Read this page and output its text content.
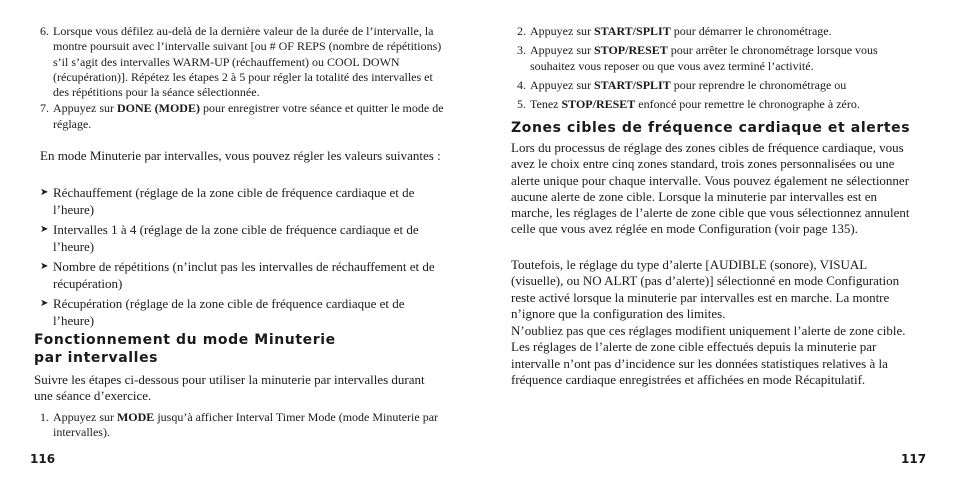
6. Lorsque vous défilez au-delà de la dernière valeur de la durée de l’intervalle, la montre poursuit avec l’intervalle suivant [ou # OF REPS (nombre de répétitions) s’il s’agit des intervalles WARM-UP (réchauffement) ou COOL DOWN (récupération)]. Répétez les étapes 2 à 5 pour régler la totalité des intervalles et des répétitions pour la séance sélectionnée.
7. Appuyez sur DONE (MODE) pour enregistrer votre séance et quitter le mode de réglage.

En mode Minuterie par intervalles, vous pouvez régler les valeurs suivantes :

➤ Réchauffement (réglage de la zone cible de fréquence cardiaque et de l’heure)
➤ Intervalles 1 à 4 (réglage de la zone cible de fréquence cardiaque et de l’heure)
➤ Nombre de répétitions (n’inclut pas les intervalles de réchauffement et de récupération)
➤ Récupération (réglage de la zone cible de fréquence cardiaque et de l’heure)
Fonctionnement du mode Minuterie
par intervalles

Suivre les étapes ci-dessous pour utiliser la minuterie par intervalles durant une séance d’exercice.

1. Appuyez sur MODE jusqu’à afficher Interval Timer Mode (mode Minuterie par intervalles).
116
2. Appuyez sur START/SPLIT pour démarrer le chronométrage.
3. Appuyez sur STOP/RESET pour arrêter le chronométrage lorsque vous souhaitez vous reposer ou que vous avez terminé l’activité.
4. Appuyez sur START/SPLIT pour reprendre le chronométrage ou
5. Tenez STOP/RESET enfoncé pour remettre le chronographe à zéro.
Zones cibles de fréquence cardiaque et alertes

Lors du processus de réglage des zones cibles de fréquence cardiaque, vous avez le choix entre cinq zones standard, trois zones personnalisées ou une alerte unique pour chaque intervalle. Vous pouvez également ne sélectionner aucune alerte de zone cible. Lorsque la minuterie par intervalles est en marche, les réglages de l’alerte de zone cible que vous sélectionnez annulent celle que vous avez réglée en mode Configuration (voir page 135).

Toutefois, le réglage du type d’alerte [AUDIBLE (sonore), VISUAL (visuelle), ou NO ALRT (pas d’alerte)] sélectionné en mode Configuration reste activé lorsque la minuterie par intervalles est en marche. La montre n’ignore que la configuration des limites.

N’oubliez pas que ces réglages modifient uniquement l’alerte de zone cible. Les réglages de l’alerte de zone cible effectués depuis la minuterie par intervalle n’ont pas d’incidence sur les données statistiques relatives à la fréquence cardiaque enregistrées et affichées en mode Récapitulatif.

117
